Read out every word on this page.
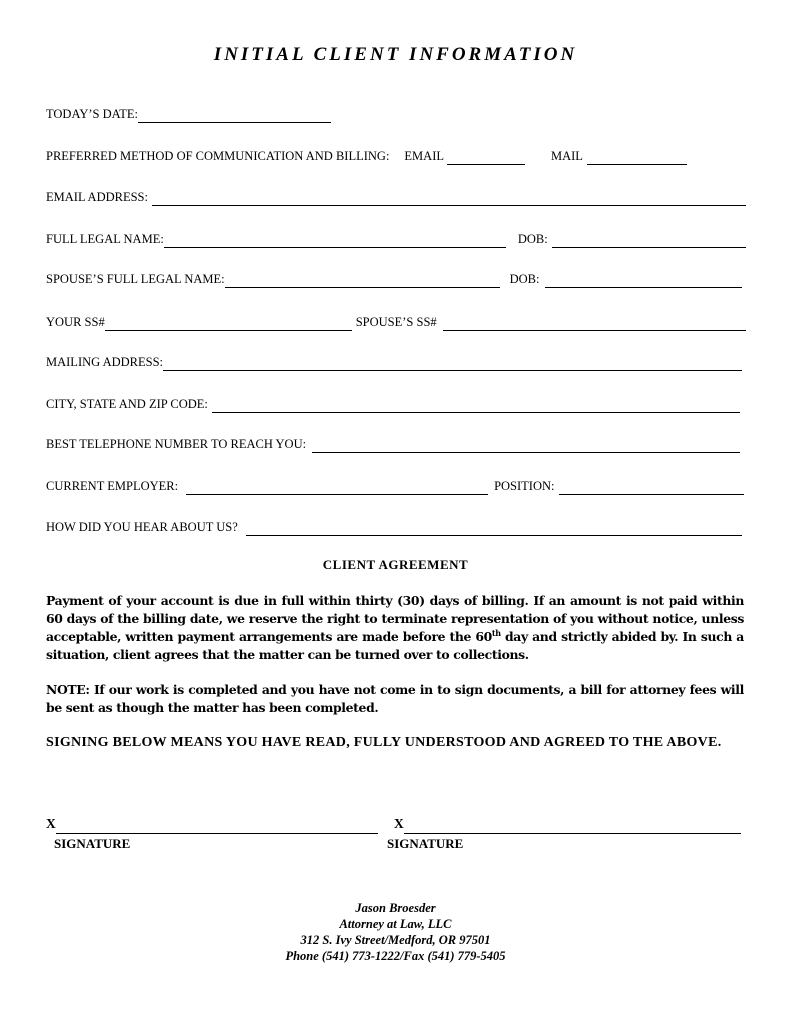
INITIAL CLIENT INFORMATION
TODAY’S DATE:
PREFERRED METHOD OF COMMUNICATION AND BILLING: EMAIL	MAIL
EMAIL ADDRESS:
FULL LEGAL NAME:	DOB:
SPOUSE’S FULL LEGAL NAME:	DOB:
YOUR SS#	SPOUSE’S SS#
MAILING ADDRESS:
CITY, STATE AND ZIP CODE:
BEST TELEPHONE NUMBER TO REACH YOU:
CURRENT EMPLOYER:	POSITION:
HOW DID YOU HEAR ABOUT US?
CLIENT AGREEMENT
Payment of your account is due in full within thirty (30) days of billing. If an amount is not paid within 60 days of the billing date, we reserve the right to terminate representation of you without notice, unless acceptable, written payment arrangements are made before the 60th day and strictly abided by. In such a situation, client agrees that the matter can be turned over to collections.
NOTE: If our work is completed and you have not come in to sign documents, a bill for attorney fees will be sent as though the matter has been completed.
SIGNING BELOW MEANS YOU HAVE READ, FULLY UNDERSTOOD AND AGREED TO THE ABOVE.
X
SIGNATURE
X
SIGNATURE
Jason Broesder
Attorney at Law, LLC
312 S. Ivy Street/Medford, OR 97501
Phone (541) 773-1222/Fax (541) 779-5405
